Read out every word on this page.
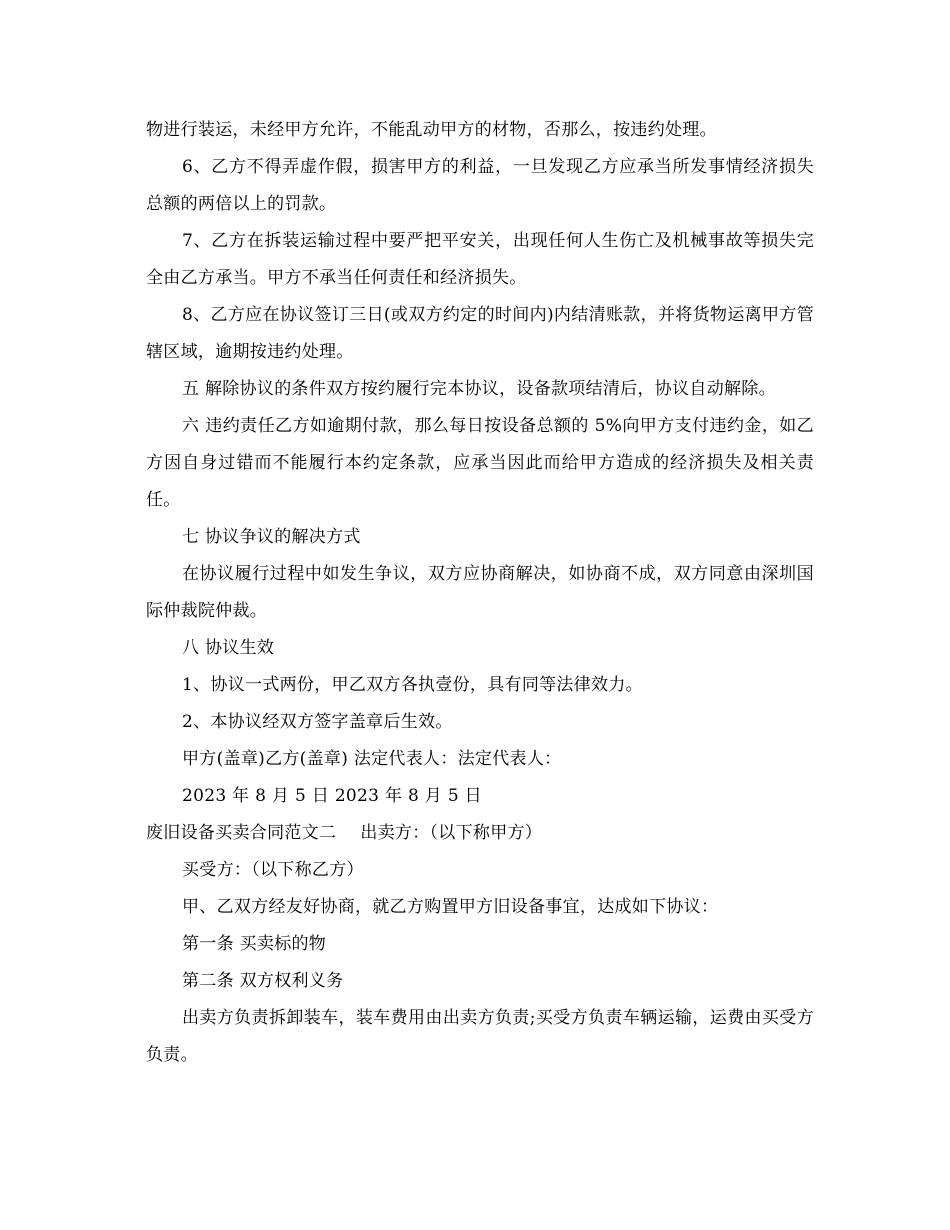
物进行装运，未经甲方允许，不能乱动甲方的材物，否那么，按违约处理。

6、乙方不得弄虚作假，损害甲方的利益，一旦发现乙方应承当所发事情经济损失总额的两倍以上的罚款。

7、乙方在拆装运输过程中要严把平安关，出现任何人生伤亡及机械事故等损失完全由乙方承当。甲方不承当任何责任和经济损失。

8、乙方应在协议签订三日(或双方约定的时间内)内结清账款，并将货物运离甲方管辖区域，逾期按违约处理。

五 解除协议的条件双方按约履行完本协议，设备款项结清后，协议自动解除。

六 违约责任乙方如逾期付款，那么每日按设备总额的 5%向甲方支付违约金，如乙方因自身过错而不能履行本约定条款，应承当因此而给甲方造成的经济损失及相关责任。

七 协议争议的解决方式

在协议履行过程中如发生争议，双方应协商解决，如协商不成，双方同意由深圳国际仲裁院仲裁。

八 协议生效

1、协议一式两份，甲乙双方各执壹份，具有同等法律效力。

2、本协议经双方签字盖章后生效。

甲方(盖章)乙方(盖章) 法定代表人：法定代表人：

2023 年 8 月 5 日 2023 年 8 月 5 日

废旧设备买卖合同范文二 出卖方：（以下称甲方）

买受方：（以下称乙方）

甲、乙双方经友好协商，就乙方购置甲方旧设备事宜，达成如下协议：

第一条 买卖标的物

第二条 双方权利义务

出卖方负责拆卸装车，装车费用由出卖方负责;买受方负责车辆运输，运费由买受方负责。
